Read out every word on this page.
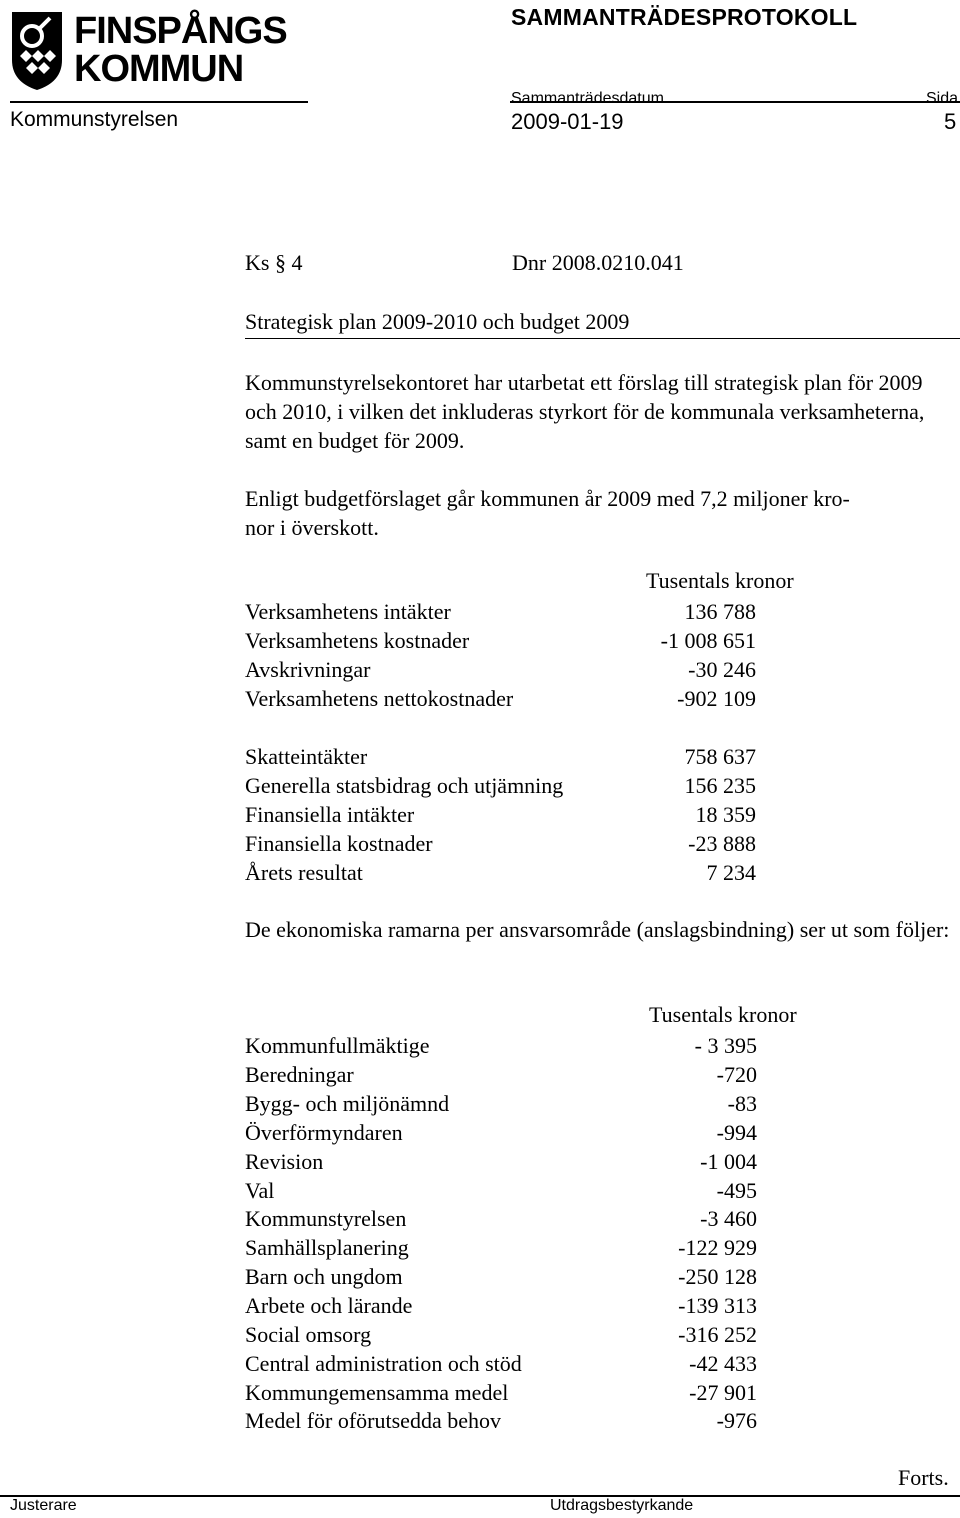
FINSPÅNGS
KOMMUN
SAMMANTRÄDESPROTOKOLL
Sammanträdesdatum	Sida
Kommunstyrelsen	2009-01-19	5
Ks § 4	Dnr 2008.0210.041
Strategisk plan 2009-2010 och budget 2009
Kommunstyrelsekontoret har utarbetat ett förslag till strategisk plan för 2009 och 2010, i vilken det inkluderas styrkort för de kommunala verksamheterna, samt en budget för 2009.
Enligt budgetförslaget går kommunen år 2009 med 7,2 miljoner kro-
nor i överskott.
Tusentals kronor
Verksamhetens intäkter	136 788
Verksamhetens kostnader	-1 008 651
Avskrivningar	-30 246
Verksamhetens nettokostnader	-902 109
Skatteintäkter	758 637
Generella statsbidrag och utjämning	156 235
Finansiella intäkter	18 359
Finansiella kostnader	-23 888
Årets resultat	7 234
De ekonomiska ramarna per ansvarsområde (anslagsbindning) ser ut som följer:
Tusentals kronor
Kommunfullmäktige	- 3 395
Beredningar	-720
Bygg- och miljönämnd	-83
Överförmyndaren	-994
Revision	-1 004
Val	-495
Kommunstyrelsen	-3 460
Samhällsplanering	-122 929
Barn och ungdom	-250 128
Arbete och lärande	-139 313
Social omsorg	-316 252
Central administration och stöd	-42 433
Kommungemensamma medel	-27 901
Medel för oförutsedda behov	-976
Forts.
Justerare	Utdragsbestyrkande
